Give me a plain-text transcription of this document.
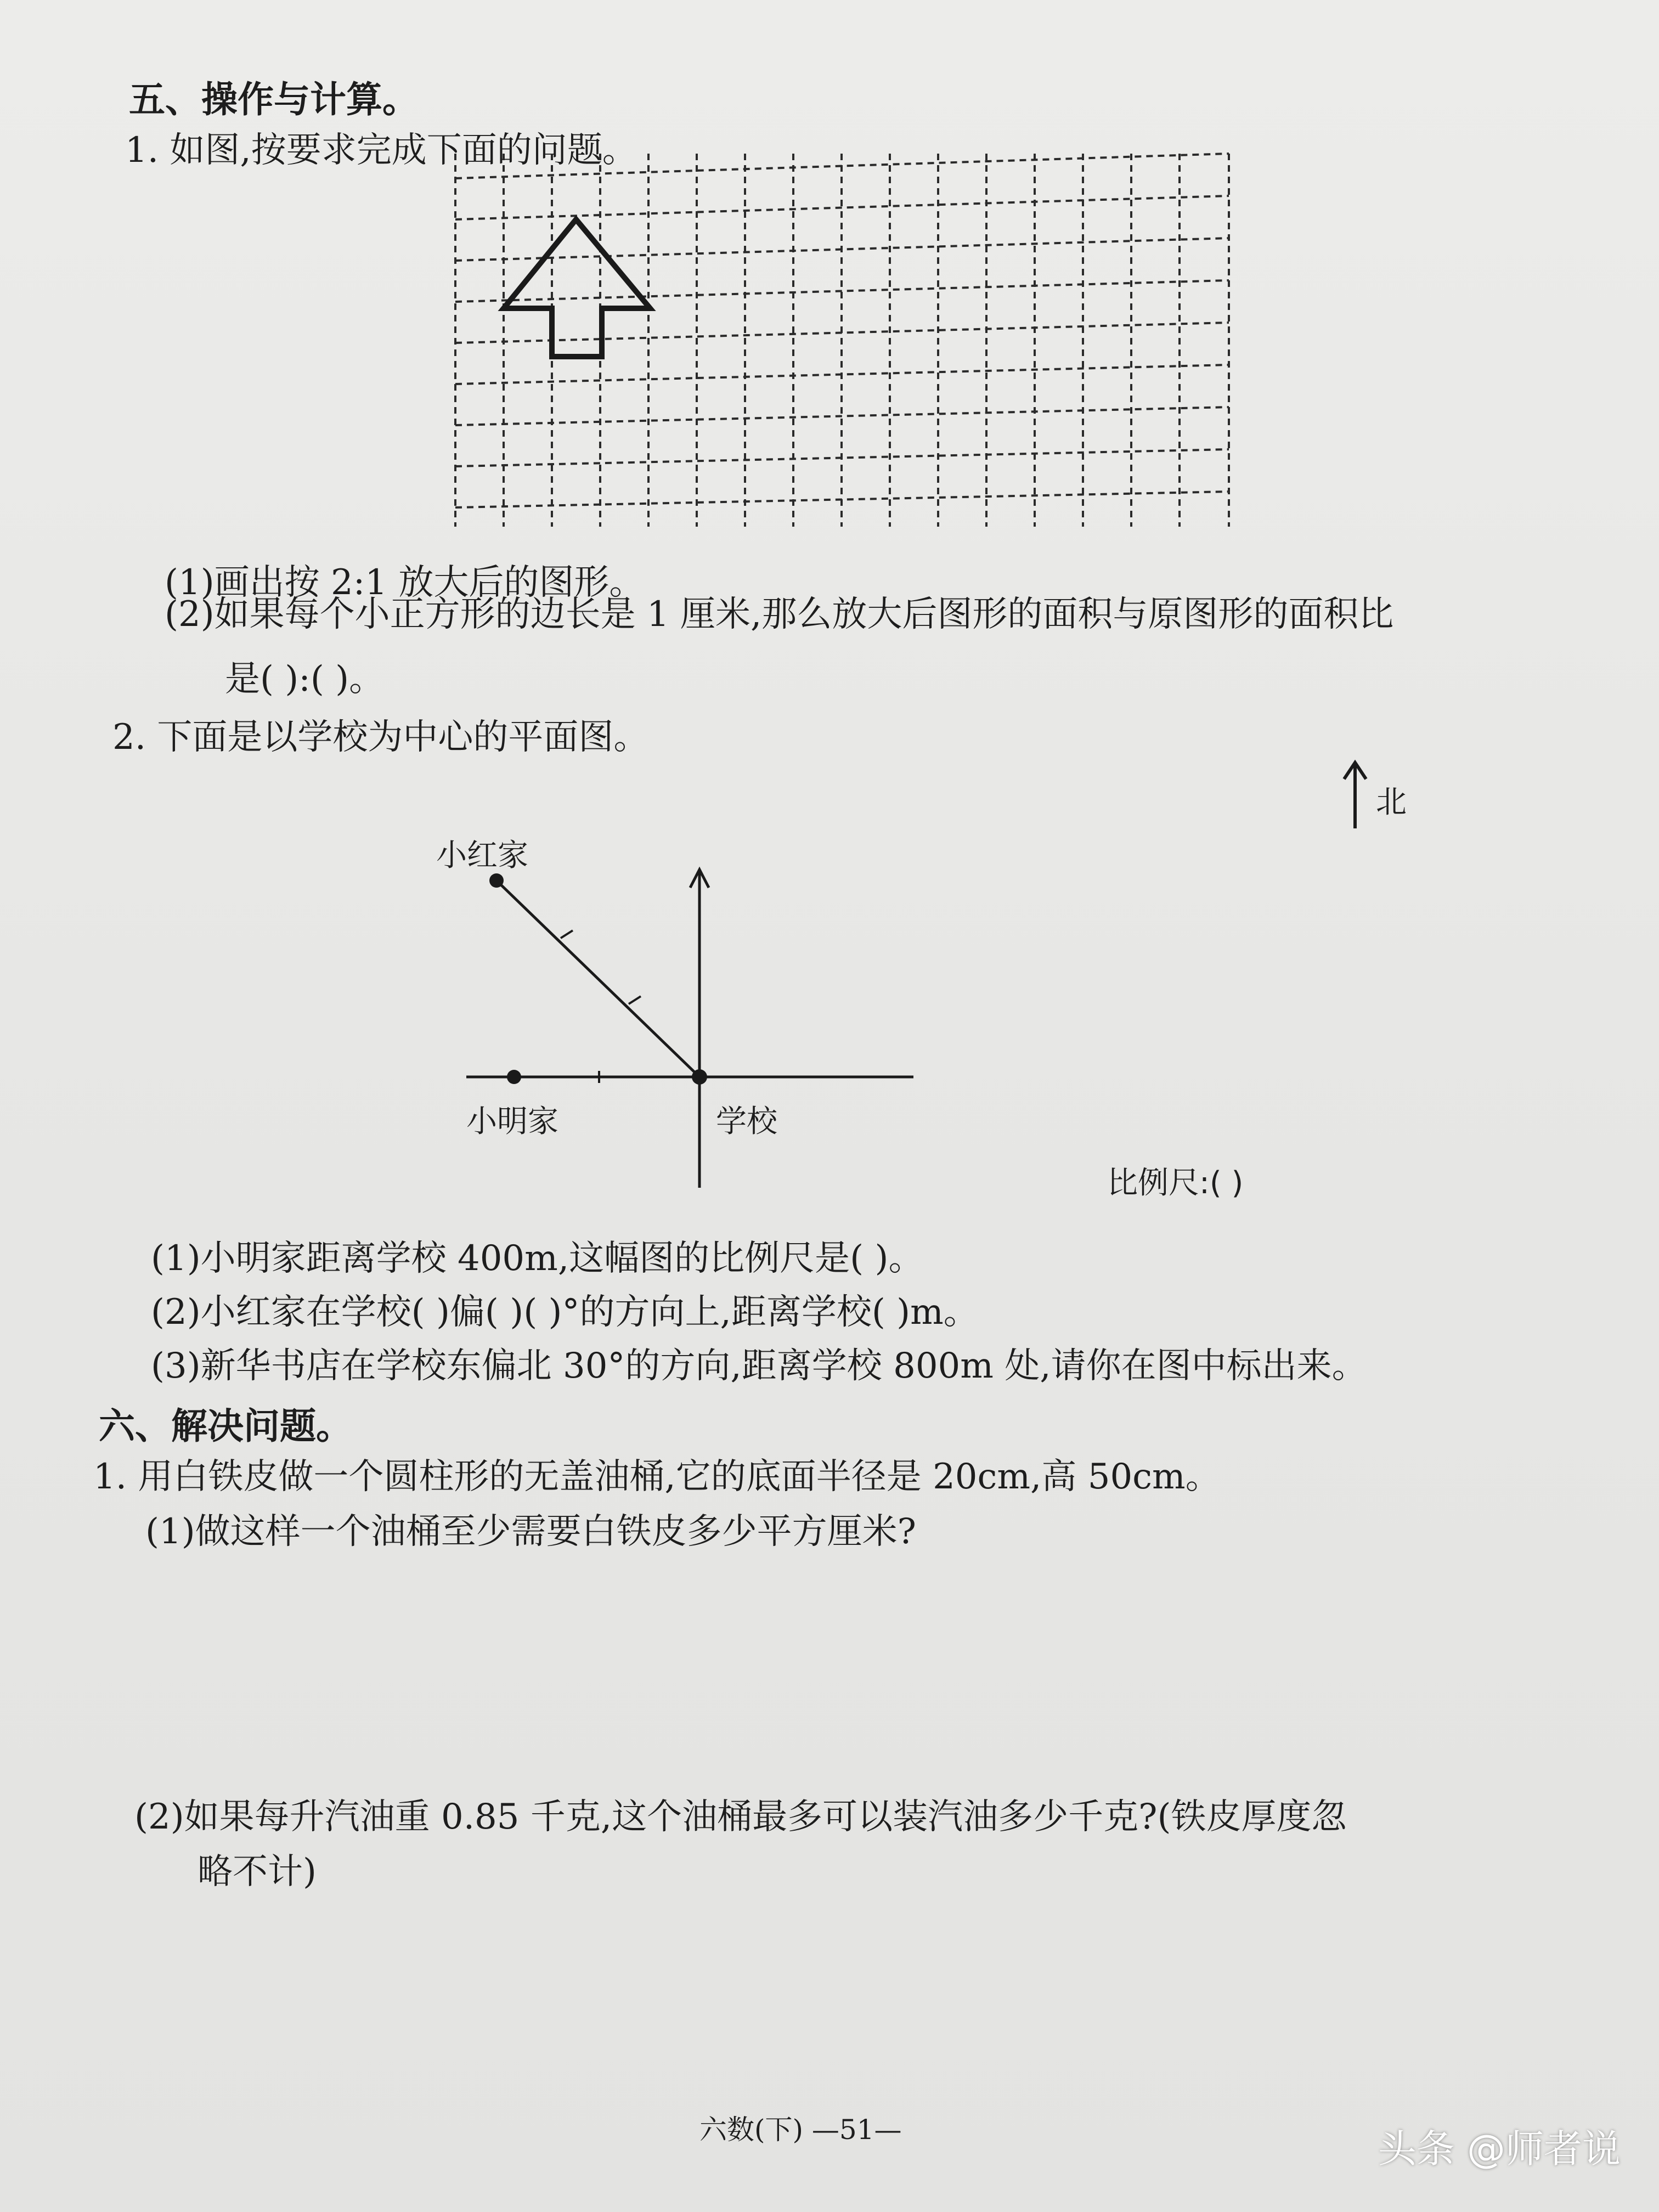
五、操作与计算。
1. 如图,按要求完成下面的问题。
(1)画出按 2:1 放大后的图形。
(2)如果每个小正方形的边长是 1 厘米,那么放大后图形的面积与原图形的面积比
是( ):( )。
2. 下面是以学校为中心的平面图。
北
小红家
小明家	学校
比例尺:( )
(1)小明家距离学校 400m,这幅图的比例尺是( )。
(2)小红家在学校( )偏( )( )°的方向上,距离学校( )m。
(3)新华书店在学校东偏北 30°的方向,距离学校 800m 处,请你在图中标出来。
六、解决问题。
1. 用白铁皮做一个圆柱形的无盖油桶,它的底面半径是 20cm,高 50cm。
(1)做这样一个油桶至少需要白铁皮多少平方厘米?
(2)如果每升汽油重 0.85 千克,这个油桶最多可以装汽油多少千克?(铁皮厚度忽
略不计)
六数(下) —51—	头条 @师者说
